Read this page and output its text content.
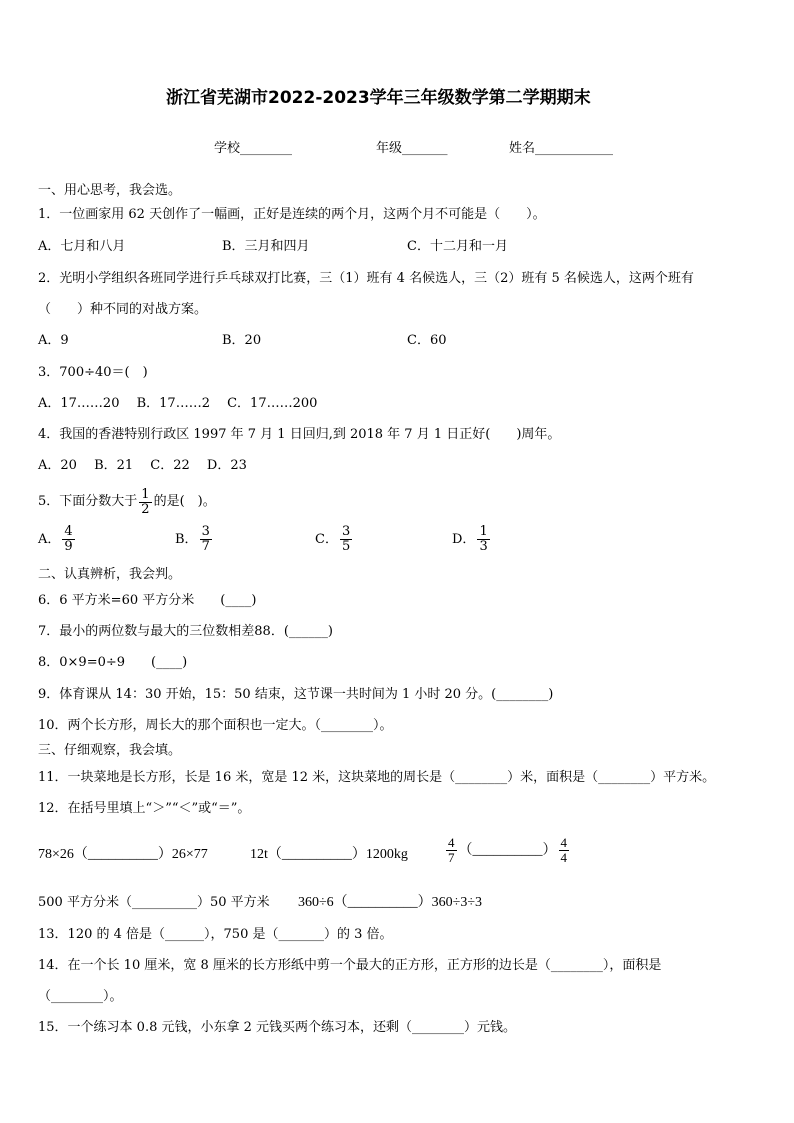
浙江省芜湖市2022-2023学年三年级数学第二学期期末
学校________	年级_______	姓名____________
一、用心思考，我会选。
1．一位画家用 62 天创作了一幅画，正好是连续的两个月，这两个月不可能是（　　）。
A．七月和八月	B．三月和四月	C．十二月和一月
2．光明小学组织各班同学进行乒乓球双打比赛，三（1）班有 4 名候选人，三（2）班有 5 名候选人，这两个班有
（　　）种不同的对战方案。
A．9	B．20	C．60
3．700÷40＝(　)
A．17……20　 B．17……2　 C．17……200
4．我国的香港特别行政区 1997 年 7 月 1 日回归,到 2018 年 7 月 1 日正好(　　)周年。
A．20　 B．21　 C．22　 D．23
5．下面分数大于 $\frac{1}{2}$ 的是(　)。
A． $\frac{4}{9}$	B． $\frac{3}{7}$	C． $\frac{3}{5}$	D． $\frac{1}{3}$
二、认真辨析，我会判。
6．6 平方米=60 平方分米　　(____)
7．最小的两位数与最大的三位数相差88．(______)
8．0×9=0÷9　　(____)
9．体育课从 14：30 开始，15：50 结束，这节课一共时间为 1 小时 20 分。(________)
10．两个长方形，周长大的那个面积也一定大。（________）。
三、仔细观察，我会填。
11．一块菜地是长方形，长是 16 米，宽是 12 米，这块菜地的周长是（________）米，面积是（________）平方米。
12．在括号里填上“＞”“＜”或“＝”。
78×26（__________）26×77	12t（__________）1200kg	$\frac{4}{7}$ （__________） $\frac{4}{4}$
500 平方分米（__________）50 平方米 360÷6（__________）360÷3÷3
13．120 的 4 倍是（______），750 是（_______）的 3 倍。
14．在一个长 10 厘米，宽 8 厘米的长方形纸中剪一个最大的正方形，正方形的边长是（________），面积是
（________）。
15．一个练习本 0.8 元钱，小东拿 2 元钱买两个练习本，还剩（________）元钱。
